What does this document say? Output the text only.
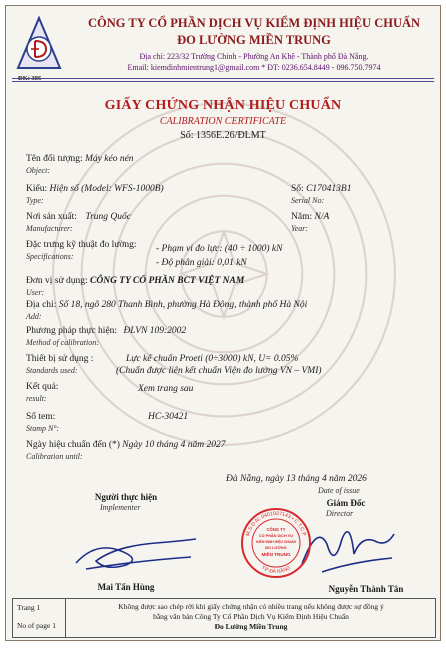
ĐK: 386
CÔNG TY CỔ PHẦN DỊCH VỤ KIỂM ĐỊNH HIỆU CHUẨN
ĐO LƯỜNG MIỀN TRUNG
Địa chỉ: 223/32 Trường Chinh - Phường An Khê - Thành phố Đà Nẵng.
Email: kiemdinhmientrung1@gmail.com * ĐT: 0236.654.8449 - 096.750.7974
GIẤY CHỨNG NHẬN HIỆU CHUẨN
CALIBRATION CERTIFICATE
Số: 1356E.26/ĐLMT
Tên đối tượng: Máy kéo nén
Object:
Kiểu: Hiện số (Model: WFS-1000B)
Type:
Số: C170413B1
Serial No:
Nơi sản xuất: Trung Quốc
Manufacturer:
Năm: N/A
Year:
Đặc trưng kỹ thuật đo lường: - Phạm vi đo lực: (40 ÷ 1000) kN
Specifications:
- Độ phân giải: 0,01 kN
Đơn vị sử dụng: CÔNG TY CỔ PHẦN BCT VIỆT NAM
User:
Địa chỉ: Số 18, ngõ 280 Thanh Bình, phường Hà Đông, thành phố Hà Nội
Add:
Phương pháp thực hiện: ĐLVN 109:2002
Method of calibration:
Thiết bị sử dụng :	Lực kế chuẩn Proeti (0÷3000) kN, U= 0.05%
Standards used:	(Chuẩn được liên kết chuẩn Viện đo lường VN – VMI)
Kết quả:	Xem trang sau
result:
Số tem:	HC-30421
Stamp N°:
Ngày hiệu chuẩn đến (*) Ngày 10 tháng 4 năm 2027
Calibration until:
Đà Nẵng, ngày 13 tháng 4 năm 2026
Date of issue
Người thực hiện
Implementer	Giám Đốc
Director
M.S.D.N: 0401937143 • C.T.C.P
T.P ĐÀ NẴNG
CÔNG TY
CỔ PHẦN DỊCH VỤ
KIỂM ĐỊNH HIỆU CHUẨN
ĐO LƯỜNG
MIỀN TRUNG
Mai Tấn Hùng	Nguyễn Thành Tân
Trang 1
No of page 1
Không được sao chép rời khi giấy chứng nhận có nhiều trang nếu không được sự đồng ý
bằng văn bản Công Ty Cổ Phần Dịch Vụ Kiểm Định Hiệu Chuẩn
Đo Lường Miền Trung
